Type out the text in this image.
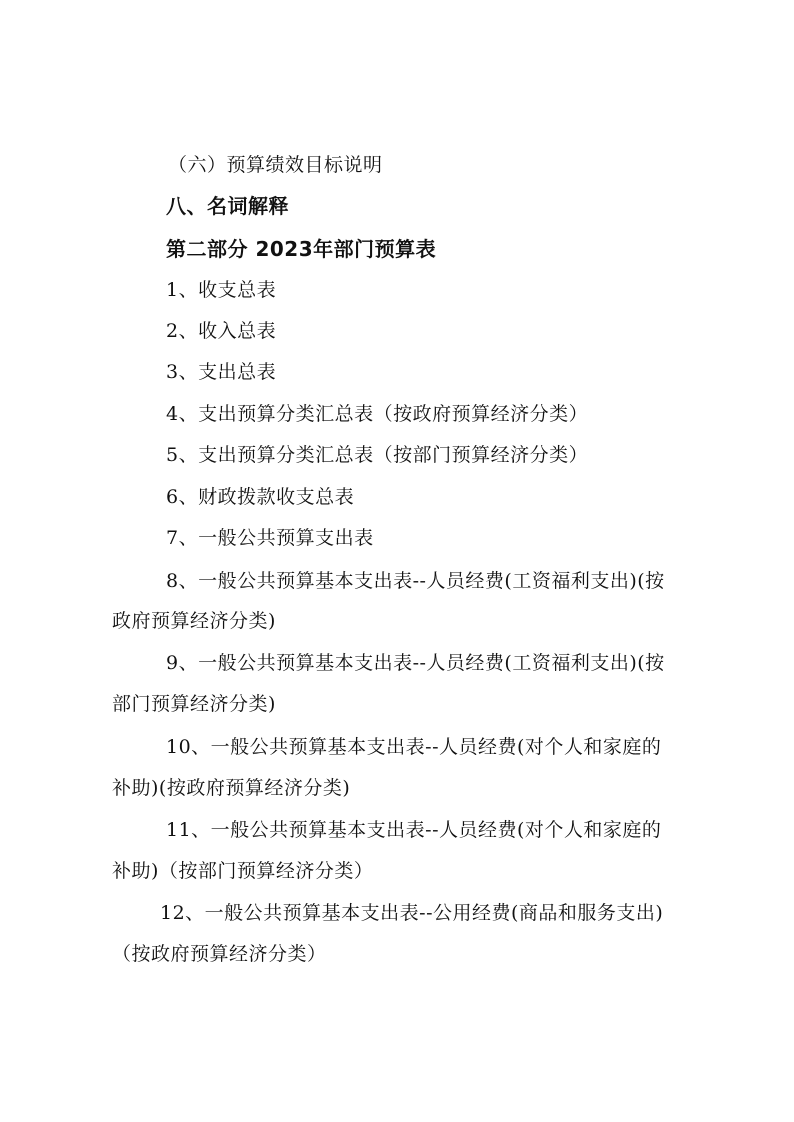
（六）预算绩效目标说明
八、名词解释
第二部分 2023年部门预算表
1、收支总表
2、收入总表
3、支出总表
4、支出预算分类汇总表（按政府预算经济分类）
5、支出预算分类汇总表（按部门预算经济分类）
6、财政拨款收支总表
7、一般公共预算支出表
8、一般公共预算基本支出表--人员经费(工资福利支出)(按
政府预算经济分类)
9、一般公共预算基本支出表--人员经费(工资福利支出)(按
部门预算经济分类)
10、一般公共预算基本支出表--人员经费(对个人和家庭的
补助)(按政府预算经济分类)
11、一般公共预算基本支出表--人员经费(对个人和家庭的
补助)（按部门预算经济分类）
12、一般公共预算基本支出表--公用经费(商品和服务支出)
（按政府预算经济分类）
